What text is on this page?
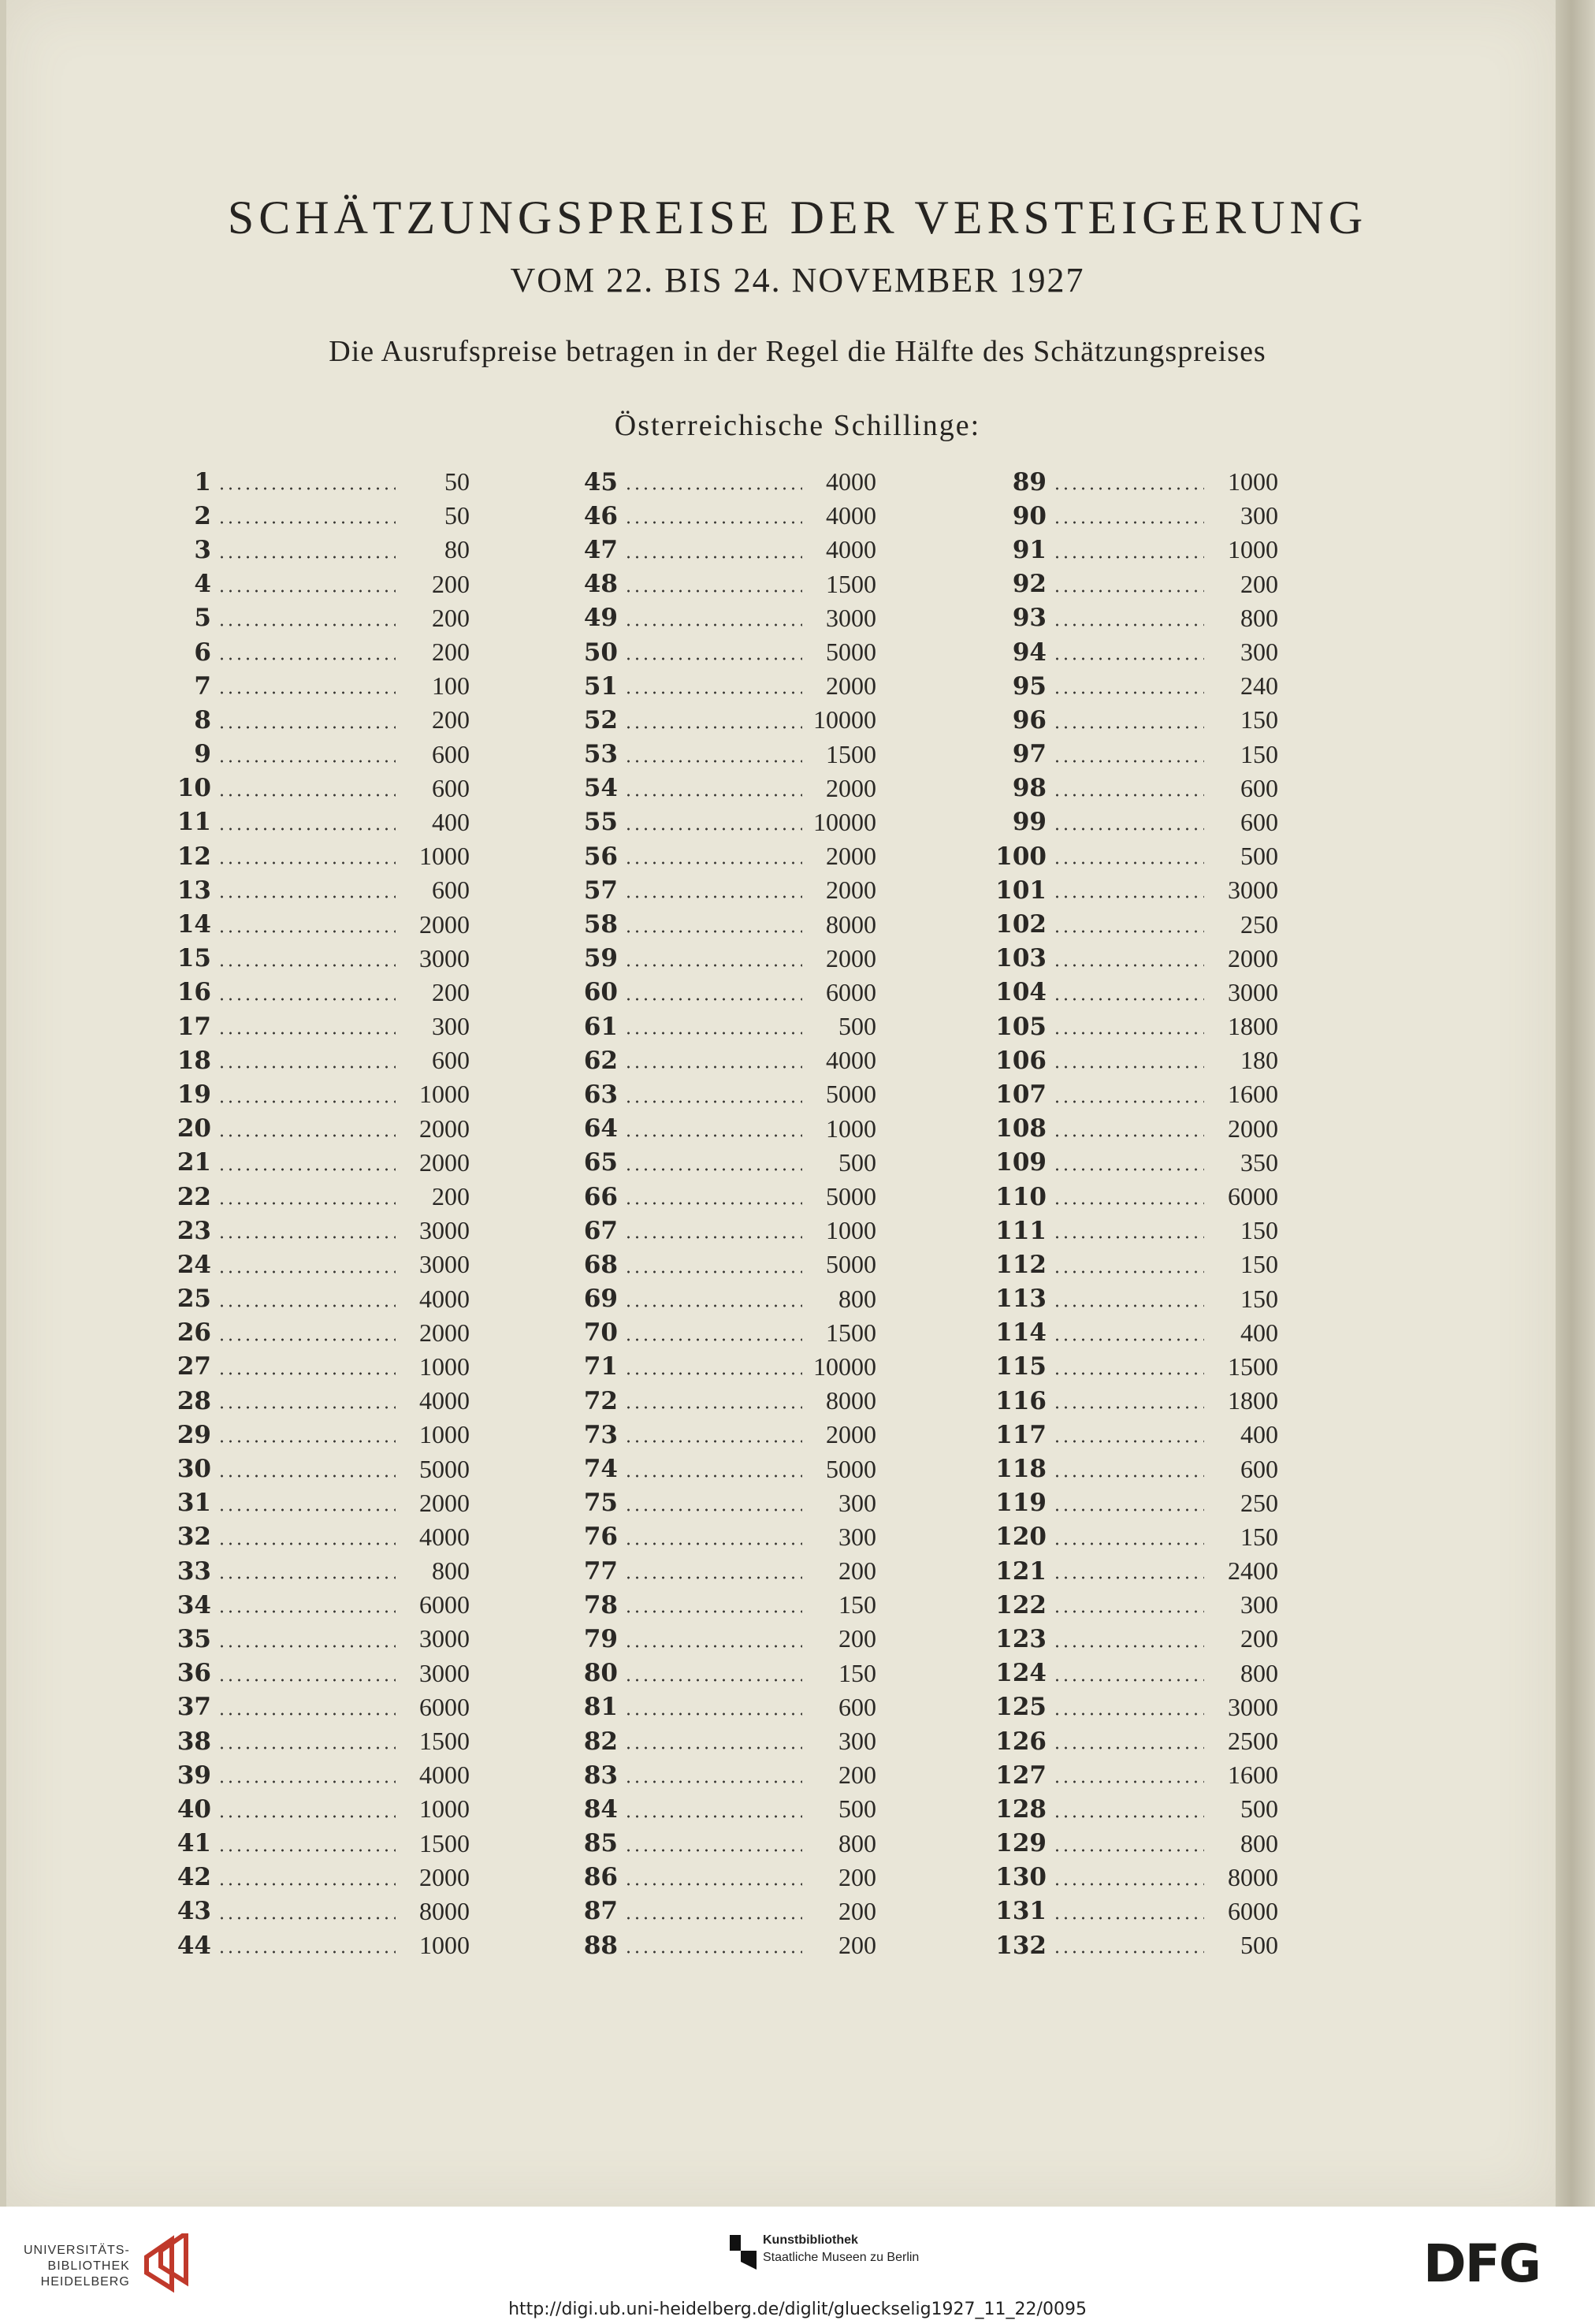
SCHÄTZUNGSPREISE DER VERSTEIGERUNG
VOM 22. BIS 24. NOVEMBER 1927
Die Ausrufspreise betragen in der Regel die Hälfte des Schätzungspreises
Österreichische Schillinge:
1	50
2	50
3	80
4	200
5	200
6	200
7	100
8	200
9	600
10	600
11	400
12	1000
13	600
14	2000
15	3000
16	200
17	300
18	600
19	1000
20	2000
21	2000
22	200
23	3000
24	3000
25	4000
26	2000
27	1000
28	4000
29	1000
30	5000
31	2000
32	4000
33	800
34	6000
35	3000
36	3000
37	6000
38	1500
39	4000
40	1000
41	1500
42	2000
43	8000
44	1000
45	4000
46	4000
47	4000
48	1500
49	3000
50	5000
51	2000
52	10000
53	1500
54	2000
55	10000
56	2000
57	2000
58	8000
59	2000
60	6000
61	500
62	4000
63	5000
64	1000
65	500
66	5000
67	1000
68	5000
69	800
70	1500
71	10000
72	8000
73	2000
74	5000
75	300
76	300
77	200
78	150
79	200
80	150
81	600
82	300
83	200
84	500
85	800
86	200
87	200
88	200
89	1000
90	300
91	1000
92	200
93	800
94	300
95	240
96	150
97	150
98	600
99	600
100	500
101	3000
102	250
103	2000
104	3000
105	1800
106	180
107	1600
108	2000
109	350
110	6000
111	150
112	150
113	150
114	400
115	1500
116	1800
117	400
118	600
119	250
120	150
121	2400
122	300
123	200
124	800
125	3000
126	2500
127	1600
128	500
129	800
130	8000
131	6000
132	500
UNIVERSITÄTS-
BIBLIOTHEK
HEIDELBERG
Kunstbibliothek
Staatliche Museen zu Berlin	DFG
http://digi.ub.uni-heidelberg.de/diglit/glueckselig1927_11_22/0095
